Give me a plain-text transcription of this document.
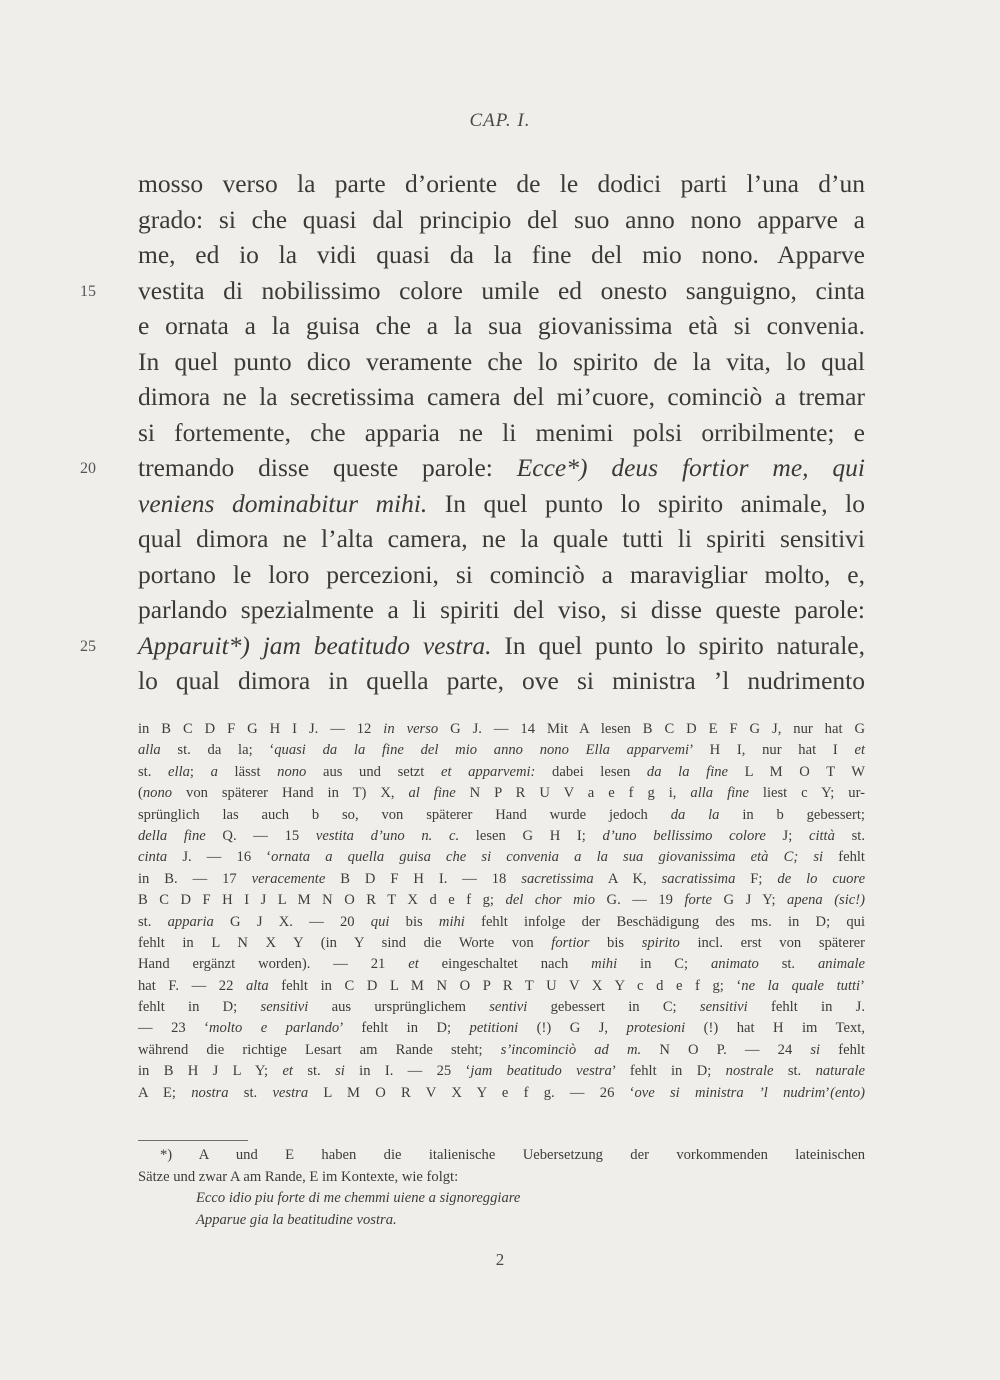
CAP. I.
mosso verso la parte d’oriente de le dodici parti l’una d’un
grado: si che quasi dal principio del suo anno nono apparve a
me, ed io la vidi quasi da la fine del mio nono. Apparve
15	vestita di nobilissimo colore umile ed onesto sanguigno, cinta
e ornata a la guisa che a la sua giovanissima età si convenia.
In quel punto dico veramente che lo spirito de la vita, lo qual
dimora ne la secretissima camera del mi’cuore, cominciò a tremar
si fortemente, che apparia ne li menimi polsi orribilmente; e
20	tremando disse queste parole: Ecce*) deus fortior me, qui
veniens dominabitur mihi. In quel punto lo spirito animale, lo
qual dimora ne l’alta camera, ne la quale tutti li spiriti sensitivi
portano le loro percezioni, si cominciò a maravigliar molto, e,
parlando spezialmente a li spiriti del viso, si disse queste parole:
25	Apparuit*) jam beatitudo vestra. In quel punto lo spirito naturale,
lo qual dimora in quella parte, ove si ministra ’l nudrimento
in B C D F G H I J. — 12 in verso G J. — 14 Mit A lesen B C D E F G J, nur hat G
alla st. da la; ‘quasi da la fine del mio anno nono Ella apparvemi’ H I, nur hat I et
st. ella; a lässt nono aus und setzt et apparvemi: dabei lesen da la fine L M O T W
(nono von späterer Hand in T) X, al fine N P R U V a e f g i, alla fine liest c Y; ur-
sprünglich las auch b so, von späterer Hand wurde jedoch da la in b gebessert;
della fine Q. — 15 vestita d’uno n. c. lesen G H I; d’uno bellissimo colore J; città st.
cinta J. — 16 ‘ornata a quella guisa che si convenia a la sua giovanissima età C; si fehlt
in B. — 17 veracemente B D F H I. — 18 sacretissima A K, sacratissima F; de lo cuore
B C D F H I J L M N O R T X d e f g; del chor mio G. — 19 forte G J Y; apena (sic!)
st. apparia G J X. — 20 qui bis mihi fehlt infolge der Beschädigung des ms. in D; qui
fehlt in L N X Y (in Y sind die Worte von fortior bis spirito incl. erst von späterer
Hand ergänzt worden). — 21 et eingeschaltet nach mihi in C; animato st. animale
hat F. — 22 alta fehlt in C D L M N O P R T U V X Y c d e f g; ‘ne la quale tutti’
fehlt in D; sensitivi aus ursprünglichem sentivi gebessert in C; sensitivi fehlt in J.
— 23 ‘molto e parlando’ fehlt in D; petitioni (!) G J, protesioni (!) hat H im Text,
während die richtige Lesart am Rande steht; s’incominciò ad m. N O P. — 24 si fehlt
in B H J L Y; et st. si in I. — 25 ‘jam beatitudo vestra’ fehlt in D; nostrale st. naturale
A E; nostra st. vestra L M O R V X Y e f g. — 26 ‘ove si ministra ’l nudrim’(ento)
*) A und E haben die italienische Uebersetzung der vorkommenden lateinischen
Sätze und zwar A am Rande, E im Kontexte, wie folgt:
Ecco idio piu forte di me chemmi uiene a signoreggiare
Apparue gia la beatitudine vostra.
2
